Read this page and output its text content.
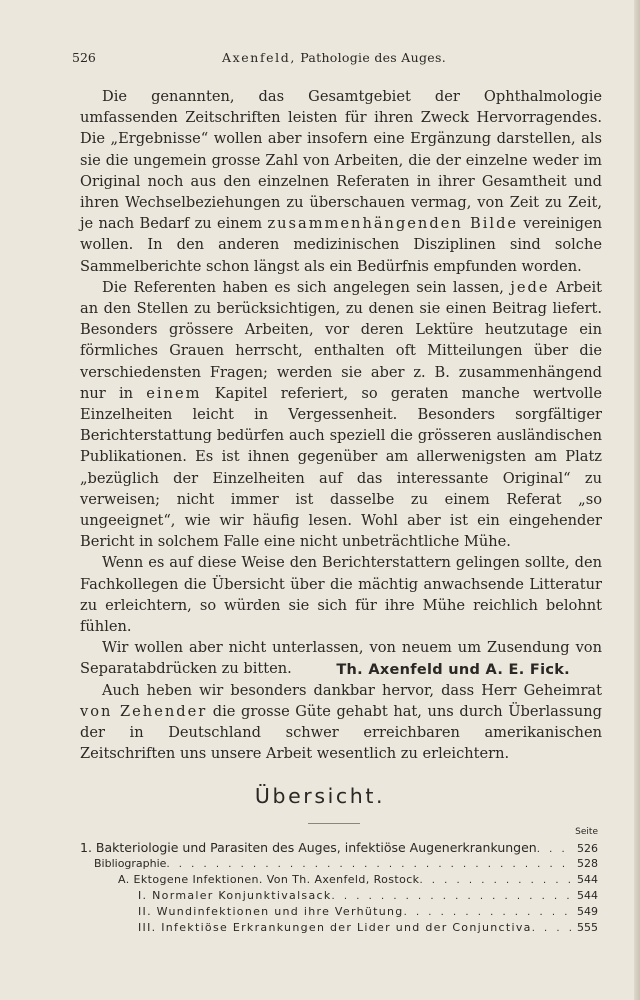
526	Axenfeld, Pathologie des Auges.

Die genannten, das Gesamtgebiet der Ophthalmologie umfassenden Zeitschriften leisten für ihren Zweck Hervorragendes. Die „Ergebnisse“ wollen aber insofern eine Ergänzung darstellen, als sie die ungemein grosse Zahl von Arbeiten, die der einzelne weder im Original noch aus den einzelnen Referaten in ihrer Gesamtheit und ihren Wechselbeziehungen zu überschauen vermag, von Zeit zu Zeit, je nach Bedarf zu einem zusammenhängenden Bilde vereinigen wollen. In den anderen medizinischen Disziplinen sind solche Sammelberichte schon längst als ein Bedürfnis empfunden worden.

Die Referenten haben es sich angelegen sein lassen, jede Arbeit an den Stellen zu berücksichtigen, zu denen sie einen Beitrag liefert. Besonders grössere Arbeiten, vor deren Lektüre heutzutage ein förmliches Grauen herrscht, enthalten oft Mitteilungen über die verschiedensten Fragen; werden sie aber z. B. zusammenhängend nur in einem Kapitel referiert, so geraten manche wertvolle Einzelheiten leicht in Vergessenheit. Besonders sorgfältiger Berichterstattung bedürfen auch speziell die grösseren ausländischen Publikationen. Es ist ihnen gegenüber am allerwenigsten am Platz „bezüglich der Einzelheiten auf das interessante Original“ zu verweisen; nicht immer ist dasselbe zu einem Referat „so ungeeignet“, wie wir häufig lesen. Wohl aber ist ein eingehender Bericht in solchem Falle eine nicht unbeträchtliche Mühe.

Wenn es auf diese Weise den Berichterstattern gelingen sollte, den Fachkollegen die Übersicht über die mächtig anwachsende Litteratur zu erleichtern, so würden sie sich für ihre Mühe reichlich belohnt fühlen.

Wir wollen aber nicht unterlassen, von neuem um Zusendung von Separatabdrücken zu bitten.

Auch heben wir besonders dankbar hervor, dass Herr Geheimrat von Zehender die grosse Güte gehabt hat, uns durch Überlassung der in Deutschland schwer erreichbaren amerikanischen Zeitschriften uns unsere Arbeit wesentlich zu erleichtern.

Th. Axenfeld und A. E. Fick.
Übersicht.
Seite
1. Bakteriologie und Parasiten des Auges, infektiöse Augenerkrankungen . . .	526
Bibliographie . . .	528
A. Ektogene Infektionen. Von Th. Axenfeld, Rostock . . .	544
I. Normaler Konjunktivalsack . . .	544
II. Wundinfektionen und ihre Verhütung . . .	549
III. Infektiöse Erkrankungen der Lider und der Conjunctiva . . .	555
